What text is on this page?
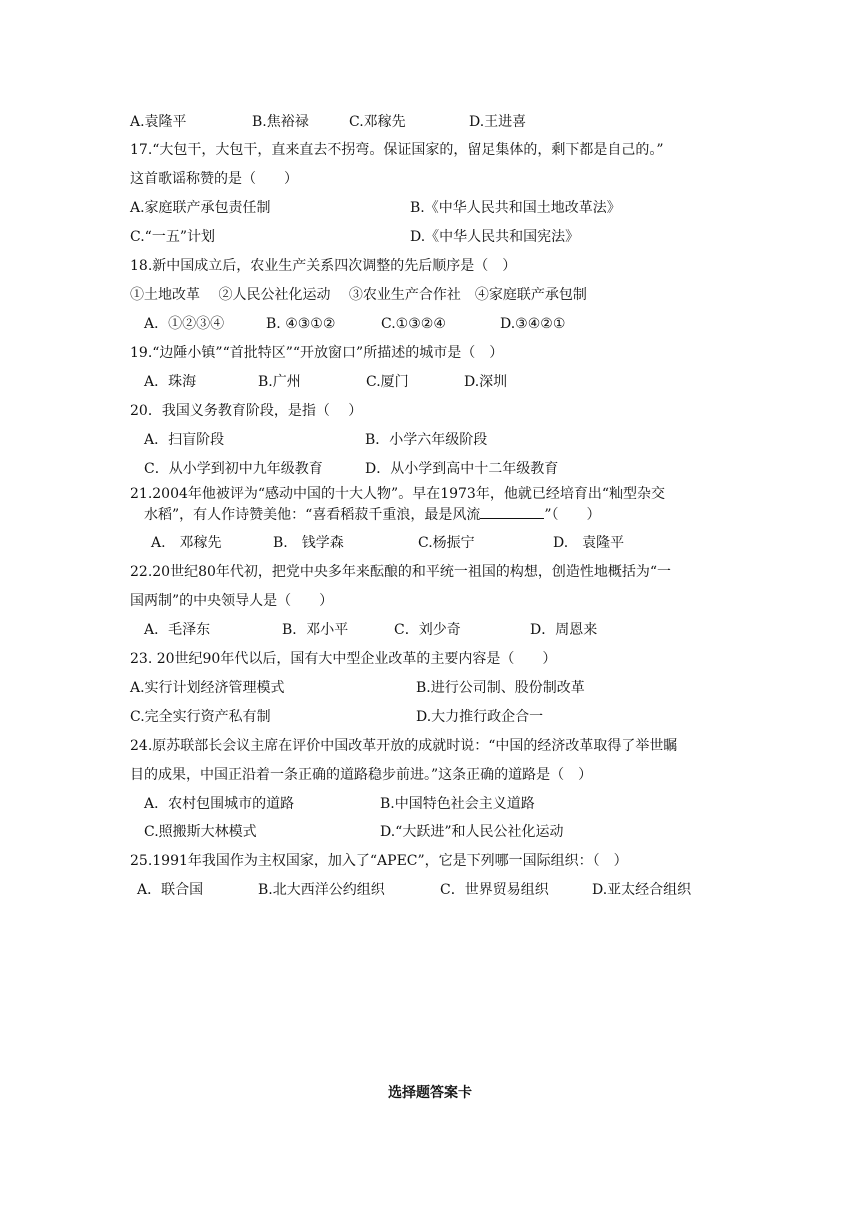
A.袁隆平	B.焦裕禄	C.邓稼先	D.王进喜
17.“大包干，大包干，直来直去不拐弯。保证国家的，留足集体的，剩下都是自己的。”
这首歌谣称赞的是（　　）
A.家庭联产承包责任制	B.《中华人民共和国土地改革法》
C.“一五”计划	D.《中华人民共和国宪法》
18.新中国成立后，农业生产关系四次调整的先后顺序是（　）
①土地改革　 ②人民公社化运动　 ③农业生产合作社　④家庭联产承包制
A．①②③④	B. ④③①②	C.①③②④	D.③④②①
19.“边陲小镇”“首批特区”“开放窗口”所描述的城市是（　）
A．珠海	B.广州	C.厦门	D.深圳
20．我国义务教育阶段，是指（　 ）
A．扫盲阶段	B．小学六年级阶段
C．从小学到初中九年级教育	D．从小学到高中十二年级教育
21.2004年他被评为“感动中国的十大人物”。早在1973年，他就已经培育出“籼型杂交
水稻”，有人作诗赞美他：“喜看稻菽千重浪，最是风流	”（　　）
A.　邓稼先	B.　钱学森	C.杨振宁	D.　袁隆平
22.20世纪80年代初，把党中央多年来酝酿的和平统一祖国的构想，创造性地概括为“一
国两制”的中央领导人是（　　）
A．毛泽东	B．邓小平	C．刘少奇	D．周恩来
23. 20世纪90年代以后，国有大中型企业改革的主要内容是（　　）
A.实行计划经济管理模式	B.进行公司制、股份制改革
C.完全实行资产私有制	D.大力推行政企合一
24.原苏联部长会议主席在评价中国改革开放的成就时说：“中国的经济改革取得了举世瞩
目的成果，中国正沿着一条正确的道路稳步前进。”这条正确的道路是（　）
A．农村包围城市的道路	B.中国特色社会主义道路
C.照搬斯大林模式	D.“大跃进”和人民公社化运动
25.1991年我国作为主权国家，加入了“APEC”，它是下列哪一国际组织：（　）
A．联合国	B.北大西洋公约组织	C．世界贸易组织	D.亚太经合组织
选择题答案卡
